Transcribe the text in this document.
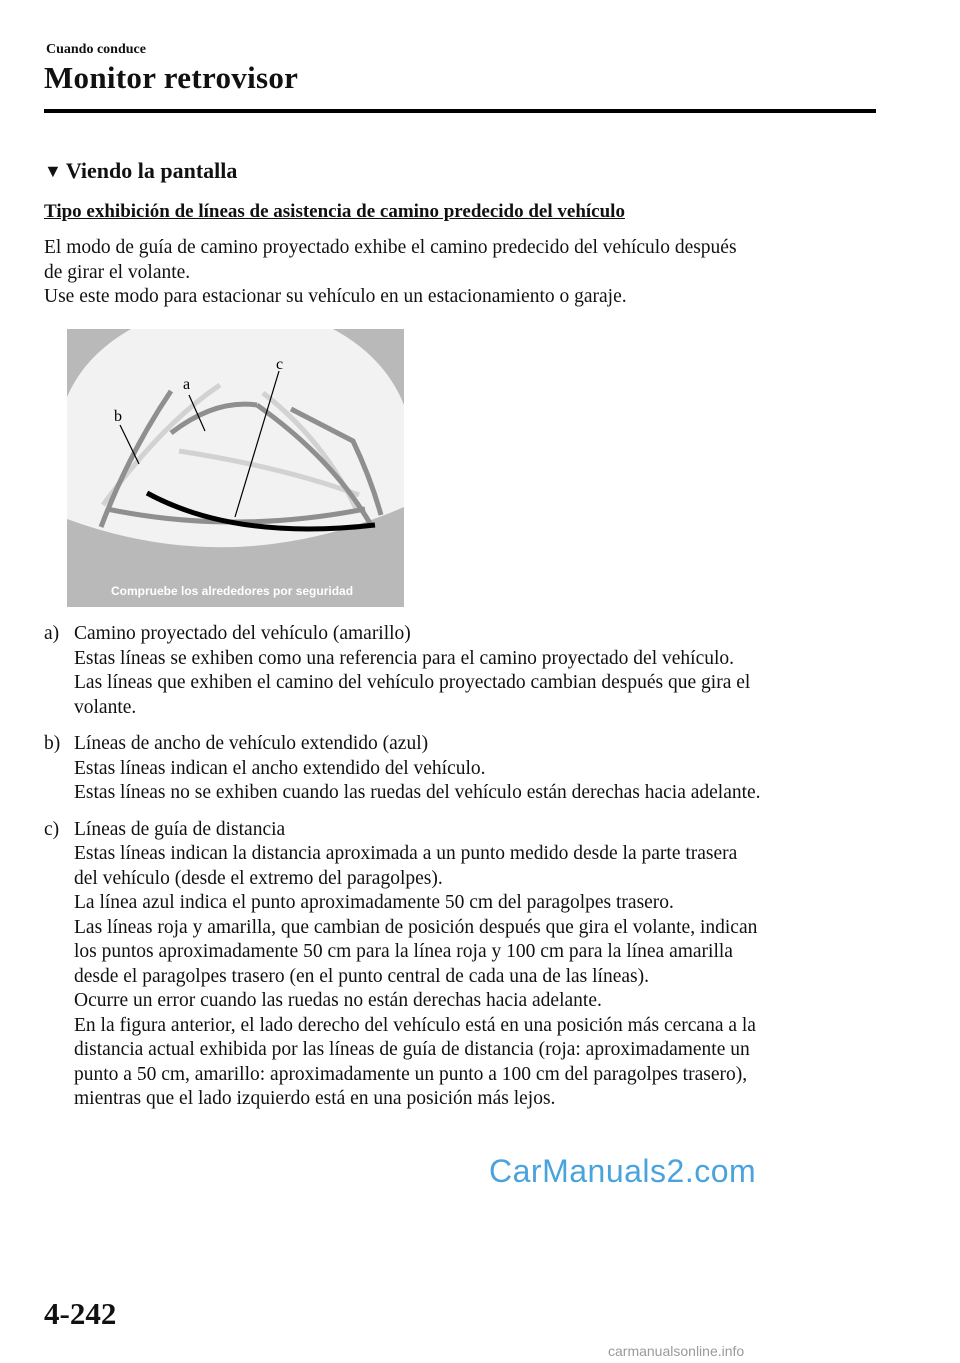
Cuando conduce
Monitor retrovisor
▼ Viendo la pantalla
Tipo exhibición de líneas de asistencia de camino predecido del vehículo
El modo de guía de camino proyectado exhibe el camino predecido del vehículo después
de girar el volante.
Use este modo para estacionar su vehículo en un estacionamiento o garaje.
b
a
c
Compruebe los alrededores por seguridad
a) Camino proyectado del vehículo (amarillo)
Estas líneas se exhiben como una referencia para el camino proyectado del vehículo.
Las líneas que exhiben el camino del vehículo proyectado cambian después que gira el
volante.
b) Líneas de ancho de vehículo extendido (azul)
Estas líneas indican el ancho extendido del vehículo.
Estas líneas no se exhiben cuando las ruedas del vehículo están derechas hacia adelante.
c) Líneas de guía de distancia
Estas líneas indican la distancia aproximada a un punto medido desde la parte trasera
del vehículo (desde el extremo del paragolpes).
La línea azul indica el punto aproximadamente 50 cm del paragolpes trasero.
Las líneas roja y amarilla, que cambian de posición después que gira el volante, indican
los puntos aproximadamente 50 cm para la línea roja y 100 cm para la línea amarilla
desde el paragolpes trasero (en el punto central de cada una de las líneas).
Ocurre un error cuando las ruedas no están derechas hacia adelante.
En la figura anterior, el lado derecho del vehículo está en una posición más cercana a la
distancia actual exhibida por las líneas de guía de distancia (roja: aproximadamente un
punto a 50 cm, amarillo: aproximadamente un punto a 100 cm del paragolpes trasero),
mientras que el lado izquierdo está en una posición más lejos.
CarManuals2.com
4-242
carmanualsonline.info
